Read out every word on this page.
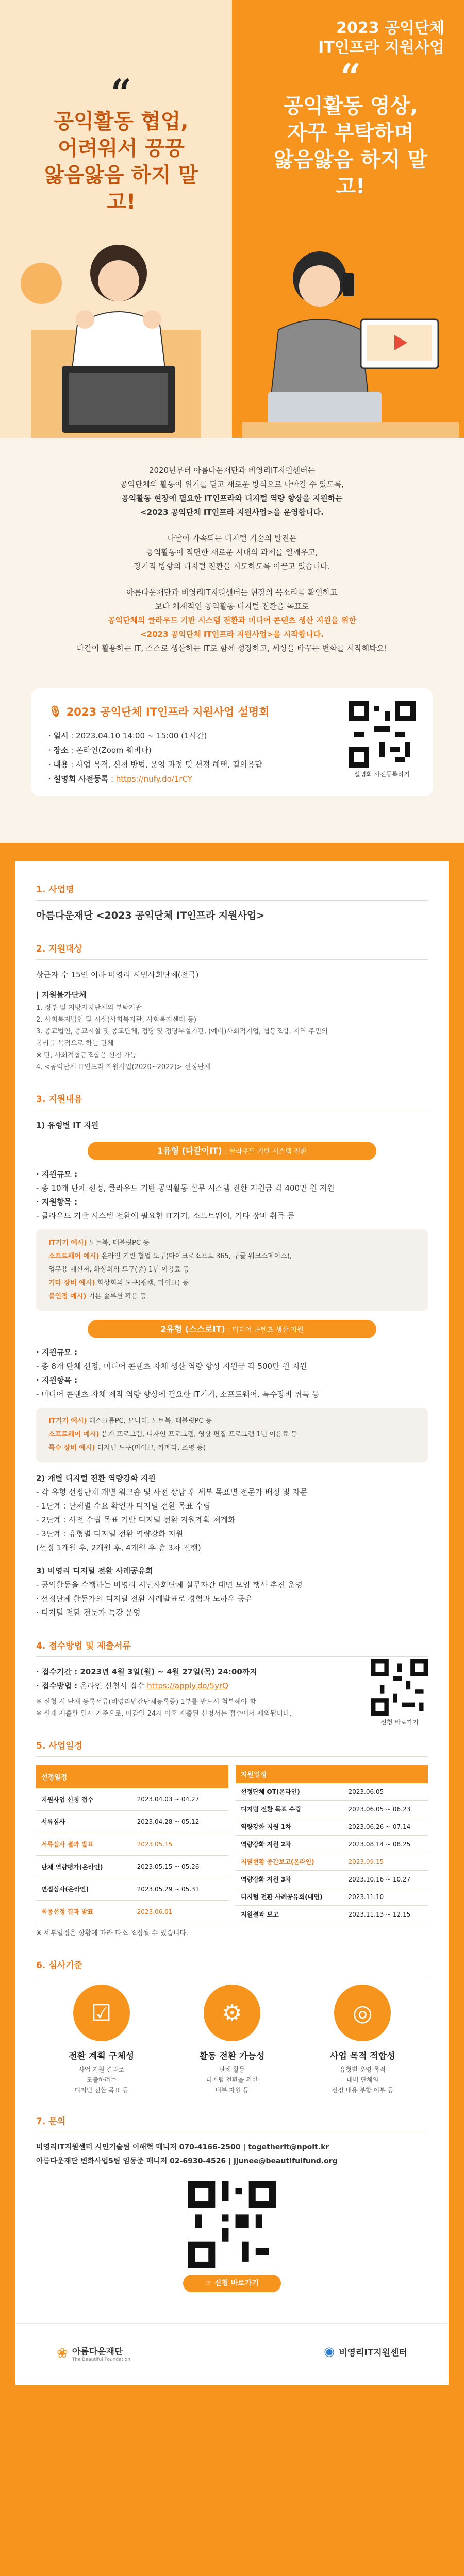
2023 공익단체
IT인프라 지원사업
“
공익활동 협업,
어려워서 끙끙
앓음앓음 하지 말고!
“
공익활동 영상,
자꾸 부탁하며
앓음앓음 하지 말고!

2020년부터 아름다운재단과 비영리IT지원센터는
공익단체의 활동이 위기를 딛고 새로운 방식으로 나아갈 수 있도록,
공익활동 현장에 필요한 IT인프라와 디지털 역량 향상을 지원하는
<2023 공익단체 IT인프라 지원사업>을 운영합니다.

나날이 가속되는 디지털 기술의 발전은
공익활동이 직면한 새로운 시대의 과제를 일깨우고,
장기적 방향의 디지털 전환을 시도하도록 이끌고 있습니다.

아름다운재단과 비영리IT지원센터는 현장의 목소리를 확인하고
보다 체계적인 공익활동 디지털 전환을 목표로
공익단체의 클라우드 기반 시스템 전환과 미디어 콘텐츠 생산 지원을 위한
<2023 공익단체 IT인프라 지원사업>을 시작합니다.
다같이 활용하는 IT, 스스로 생산하는 IT로 함께 성장하고, 세상을 바꾸는 변화를 시작해봐요!

🎙 2023 공익단체 IT인프라 지원사업 설명회
· 일시 : 2023.04.10 14:00 ~ 15:00 (1시간)
· 장소 : 온라인(Zoom 웨비나)
· 내용 : 사업 목적, 신청 방법, 운영 과정 및 선정 혜택, 질의응답
· 설명회 사전등록 : https://nufy.do/1rCY	설명회 사전등록하기
1. 사업명
아름다운재단 <2023 공익단체 IT인프라 지원사업>
2. 지원대상
상근자 수 15인 이하 비영리 시민사회단체(전국)
| 지원불가단체
1. 정부 및 지방자치단체의 부탁기관
2. 사회복지법인 및 시설(사회복지관, 사회복지센터 등)
3. 종교법인, 종교시설 및 종교단체, 정당 및 정당부설기관, (예비)사회적기업, 협동조합, 지역 주민의
복리를 목적으로 하는 단체
※ 단, 사회적협동조합은 신청 가능
4. <공익단체 IT인프라 지원사업(2020~2022)> 선정단체
3. 지원내용
1) 유형별 IT 지원
1유형 (다같이IT) : 클라우드 기반 시스템 전환
· 지원규모 :
- 총 10개 단체 선정, 클라우드 기반 공익활동 실무 시스템 전환 지원금 각 400만 원 지원
· 지원항목 :
- 클라우드 기반 시스템 전환에 필요한 IT기기, 소프트웨어, 기타 장비 취득 등
IT기기 예시) 노트북, 태블릿PC 등
소프트웨어 예시) 온라인 기반 협업 도구(마이크로소프트 365, 구글 워크스페이스),
업무용 메신저, 화상회의 도구(줌) 1년 이용료 등
기타 장비 예시) 화상회의 도구(웹캠, 마이크) 등
불인정 예시) 기본 솔루션 활용 등
2유형 (스스로IT) : 미디어 콘텐츠 생산 지원
· 지원규모 :
- 총 8개 단체 선정, 미디어 콘텐츠 자체 생산 역량 향상 지원금 각 500만 원 지원
· 지원항목 :
- 미디어 콘텐츠 자체 제작 역량 향상에 필요한 IT기기, 소프트웨어, 특수장비 취득 등
IT기기 예시) 데스크톱PC, 모니터, 노트북, 태블릿PC 등
소프트웨어 예시) 음계 프로그램, 디자인 프로그램, 영상 편집 프로그램 1년 이용료 등
특수 장비 예시) 디지털 도구(마이크, 카메라, 조명 등)
2) 개별 디지털 전환 역량강화 지원
- 각 유형 선정단체 개별 워크숍 및 사전 상담 후 세부 목표별 전문가 배정 및 자문
- 1단계 : 단체별 수요 확인과 디지털 전환 목표 수립
- 2단계 : 사전 수립 목표 기반 디지털 전환 지원계획 체계화
- 3단계 : 유형별 디지털 전환 역량강화 지원
(선정 1개월 후, 2개월 후, 4개월 후 총 3차 진행)
3) 비영리 디지털 전환 사례공유회
- 공익활동을 수행하는 비영리 시민사회단체 실무자간 대면 모임 행사 추진 운영
· 선정단체 활동가의 디지털 전환 사례발표로 경험과 노하우 공유
· 디지털 전환 전문가 특강 운영
4. 접수방법 및 제출서류
· 접수기간 : 2023년 4월 3일(월) ~ 4월 27일(목) 24:00까지
· 접수방법 : 온라인 신청서 접수 https://apply.do/5yrQ
※ 신청 시 단체 등록서류(비영리민간단체등록증) 1부를 반드시 첨부해야 함
※ 실제 제출한 일시 기준으로, 마감일 24시 이후 제출된 신청서는 접수에서 제외됩니다.
신청 바로가기
5. 사업일정
선정일정	
지원사업 신청 접수	2023.04.03 ~ 04.27
서류심사	2023.04.28 ~ 05.12
서류심사 결과 발표	2023.05.15
단체 역량평가(온라인)	2023.05.15 ~ 05.26
면접심사(온라인)	2023.05.29 ~ 05.31
최종선정 결과 발표	2023.06.01
지원일정	
선정단체 OT(온라인)	2023.06.05
디지털 전환 목표 수립	2023.06.05 ~ 06.23
역량강화 지원 1차	2023.06.26 ~ 07.14
역량강화 지원 2차	2023.08.14 ~ 08.25
지원현황 중간보고(온라인)	2023.09.15
역량강화 지원 3차	2023.10.16 ~ 10.27
디지털 전환 사례공유회(대면)	2023.11.10
지원결과 보고	2023.11.13 ~ 12.15
※ 세부일정은 상황에 따라 다소 조정될 수 있습니다.
6. 심사기준
☑
전환 계획 구체성

사업 지원 결과로
도출하려는
디지털 전환 목표 등

⚙
활동 전환 가능성

단체 활동
디지털 전환을 위한
내부 자원 등

◎
사업 목적 적합성

유형별 운영 목적
대비 단체의
선정 내용 부합 여부 등

7. 문의
비영리IT지원센터 시민기술팀 이해혁 매니저 070-4166-2500 | togetherit@npoit.kr
아름다운재단 변화사업5팀 임동준 매니저 02-6930-4526 | jjunee@beautifulfund.org
☞ 신청 바로가기
❀ 아름다운재단
The Beautiful Foundation
◉ 비영리IT지원센터
